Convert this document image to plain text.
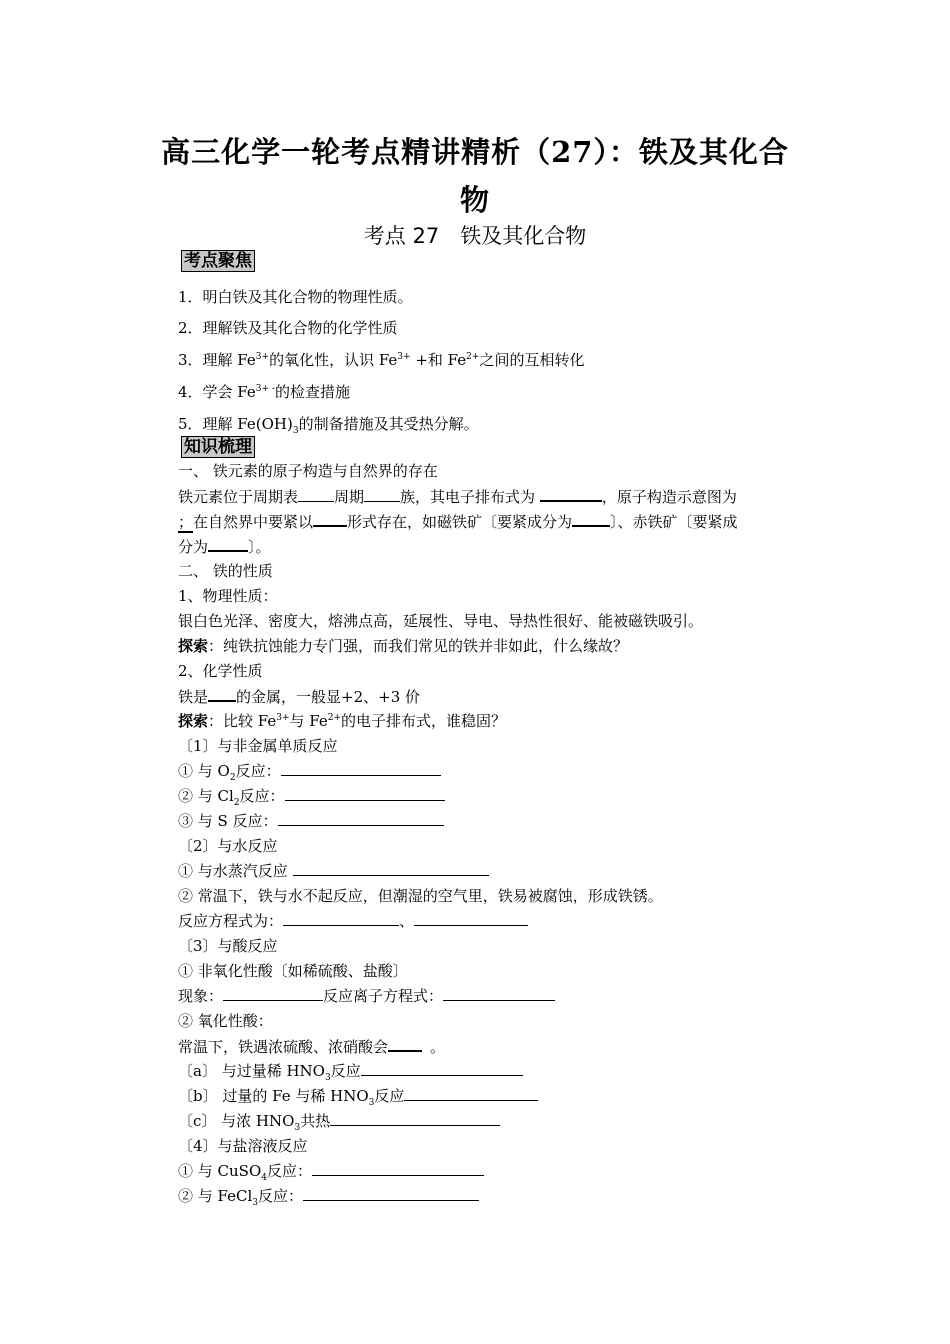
高三化学一轮考点精讲精析（27）：铁及其化合
物
考点 27　铁及其化合物
考点聚焦
1．明白铁及其化合物的物理性质。
2．理解铁及其化合物的化学性质
3．理解 $Fe^{3+}$的氧化性，认识 $Fe^{3+}$ +和 $Fe^{2+}$之间的互相转化
4．学会 $Fe^{3+ -}$的检查措施
5．理解 $Fe(OH)_3$的制备措施及其受热分解。
知识梳理
一、 铁元素的原子构造与自然界的存在
铁元素位于周期表 周期 族，其电子排布式为	，原子构造示意图为
；在自然界中要紧以 形式存在，如磁铁矿〔要紧成分为	〕、赤铁矿〔要紧成
分为	〕。
二、 铁的性质
1、物理性质：
银白色光泽、密度大，熔沸点高，延展性、导电、导热性很好、能被磁铁吸引。
探索：纯铁抗蚀能力专门强，而我们常见的铁并非如此，什么缘故？
2、化学性质
铁是 的金属，一般显+2、+3 价
探索：比较 $Fe^{3+}$与 $Fe^{2+}$的电子排布式，谁稳固？
〔1〕与非金属单质反应
① 与 $O_2$反应：
② 与 $Cl_2$反应：
③ 与 S 反应：
〔2〕与水反应
① 与水蒸汽反应
② 常温下，铁与水不起反应，但潮湿的空气里，铁易被腐蚀，形成铁锈。
反应方程式为：	、
〔3〕与酸反应
① 非氧化性酸〔如稀硫酸、盐酸〕
现象：	反应离子方程式：
② 氧化性酸：
常温下，铁遇浓硫酸、浓硝酸会	。
〔a〕 与过量稀 $HNO_3$反应
〔b〕 过量的 Fe 与稀 $HNO_3$反应
〔c〕 与浓 $HNO_3$共热
〔4〕与盐溶液反应
① 与 CuSO$_4$反应：
② 与 FeCl$_3$反应：
